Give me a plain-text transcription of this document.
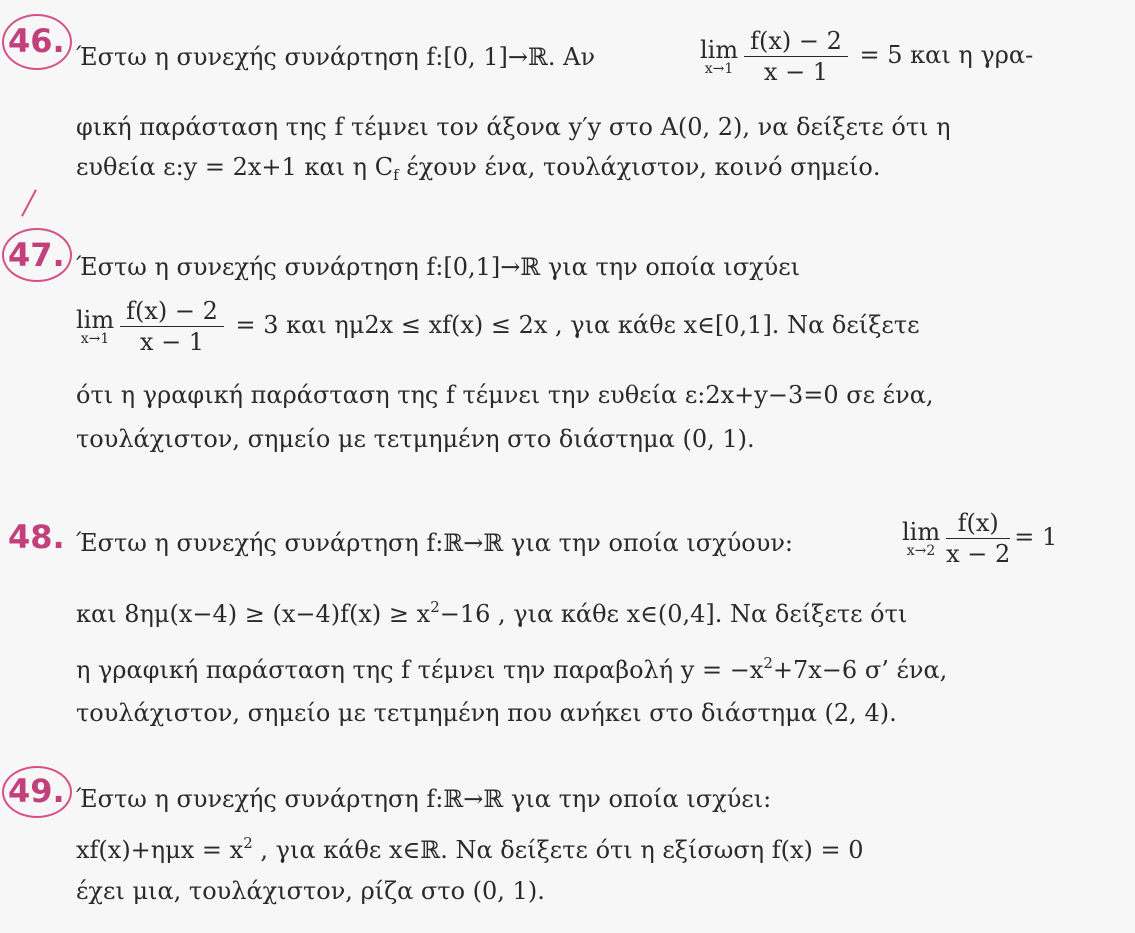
46. Έστω η συνεχής συνάρτηση f:[0, 1]→ℝ. Αν	lim
$x\to 1 \frac{f(x) - 2}{x - 1} = 5$ και η γρα-
φική παράσταση της f τέμνει τον άξονα y′y στο A(0, 2), να δείξετε ότι η
ευθεία ε:y = 2x+1 και η $C_f$ έχουν ένα, τουλάχιστον, κοινό σημείο.
47. Έστω η συνεχής συνάρτηση f:[0,1]→ℝ για την οποία ισχύει
lim
$x\to 1 \frac{f(x) - 2}{x - 1} = 3$ και ημ2x ≤ xf(x) ≤ 2x , για κάθε x∈[0,1]. Να δείξετε
ότι η γραφική παράσταση της f τέμνει την ευθεία ε:2x+y−3=0 σε ένα,
τουλάχιστον, σημείο με τετμημένη στο διάστημα (0, 1).
48. Έστω η συνεχής συνάρτηση f:ℝ→ℝ για την οποία ισχύουν:	lim
$x\to 2 \frac{f(x)}{x - 2} = 1$
και $8\eta\mu(x-4) \ge (x-4)f(x) \ge x^2-16$ , για κάθε x∈(0,4]. Να δείξετε ότι
η γραφική παράσταση της f τέμνει την παραβολή $y = -x^2+7x-6$ σ’ ένα,
τουλάχιστον, σημείο με τετμημένη που ανήκει στο διάστημα (2, 4).
49. Έστω η συνεχής συνάρτηση f:ℝ→ℝ για την οποία ισχύει:
$xf(x)+\eta\mu x = x^2$ , για κάθε x∈ℝ. Να δείξετε ότι η εξίσωση f(x) = 0
έχει μια, τουλάχιστον, ρίζα στο (0, 1).
